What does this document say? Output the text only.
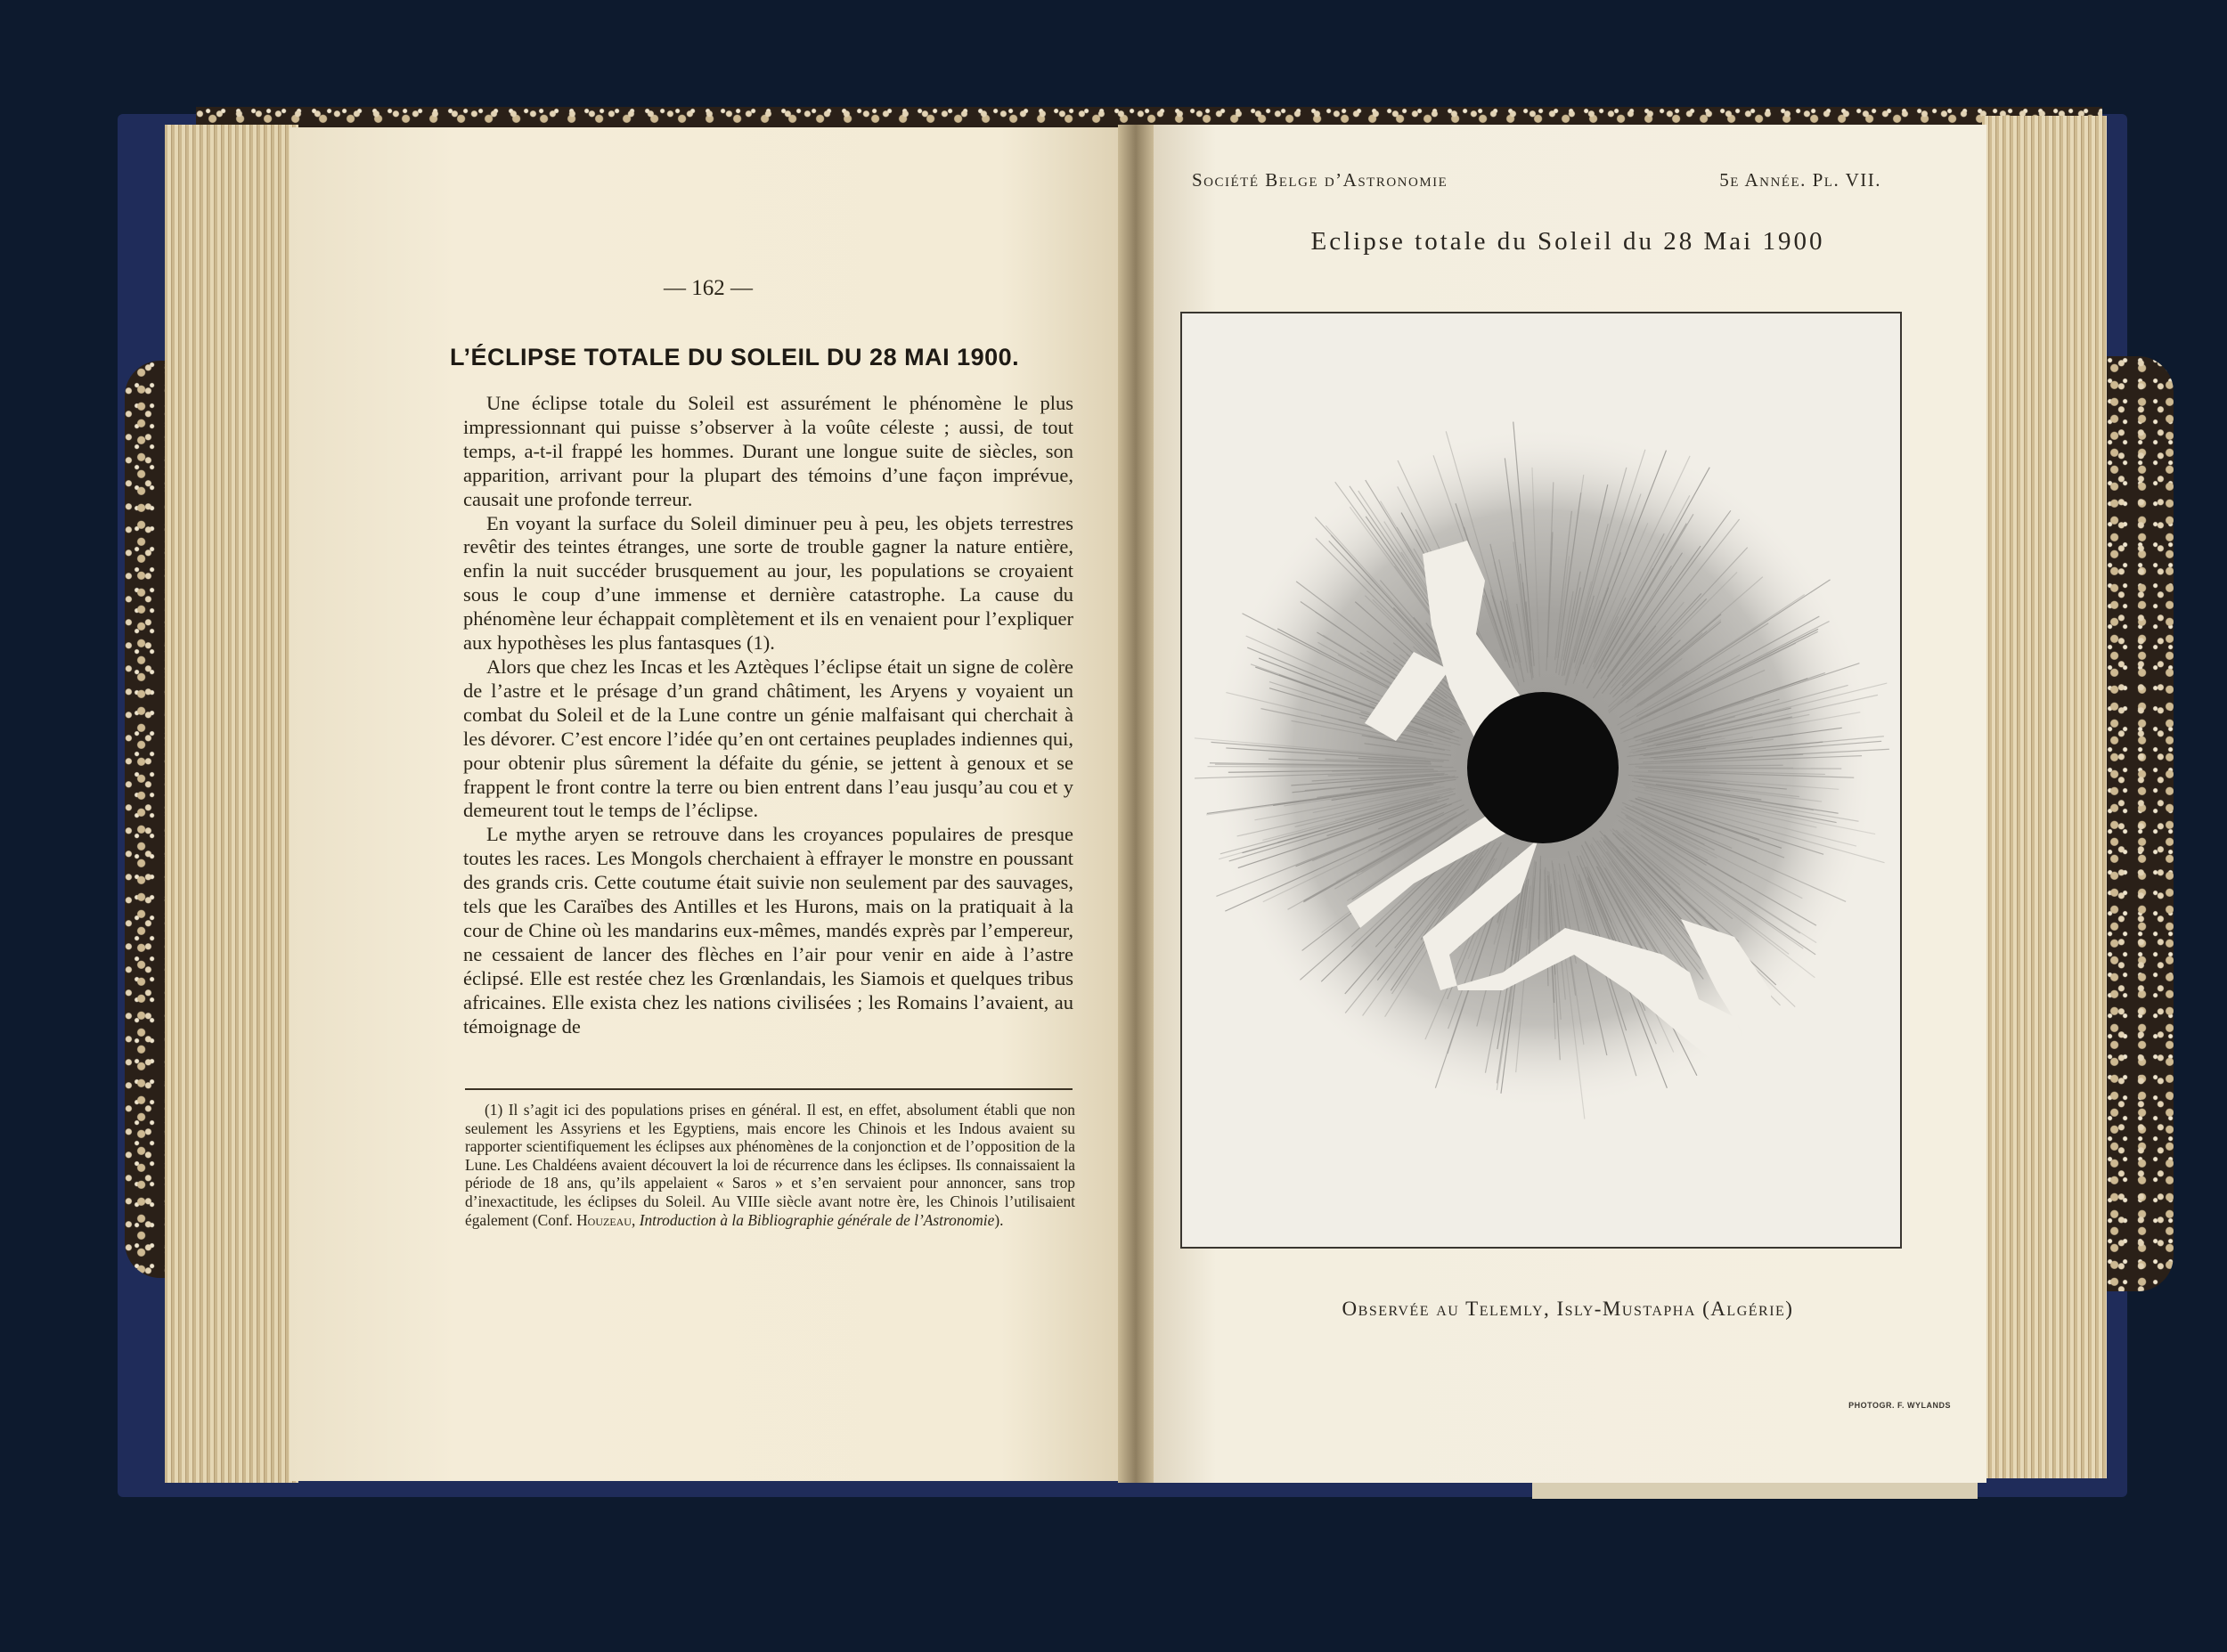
— 162 —
L’ÉCLIPSE TOTALE DU SOLEIL DU 28 MAI 1900.

Une éclipse totale du Soleil est assurément le phénomène le plus impressionnant qui puisse s’observer à la voûte céleste ; aussi, de tout temps, a-t-il frappé les hommes. Durant une longue suite de siècles, son apparition, arrivant pour la plupart des témoins d’une façon imprévue, causait une profonde terreur.

En voyant la surface du Soleil diminuer peu à peu, les objets terrestres revêtir des teintes étranges, une sorte de trouble gagner la nature entière, enfin la nuit succéder brusquement au jour, les populations se croyaient sous le coup d’une immense et dernière catastrophe. La cause du phénomène leur échappait complètement et ils en venaient pour l’expliquer aux hypothèses les plus fantasques (1).

Alors que chez les Incas et les Aztèques l’éclipse était un signe de colère de l’astre et le présage d’un grand châtiment, les Aryens y voyaient un combat du Soleil et de la Lune contre un génie malfaisant qui cherchait à les dévorer. C’est encore l’idée qu’en ont certaines peuplades indiennes qui, pour obtenir plus sûrement la défaite du génie, se jettent à genoux et se frappent le front contre la terre ou bien entrent dans l’eau jusqu’au cou et y demeurent tout le temps de l’éclipse.

Le mythe aryen se retrouve dans les croyances populaires de presque toutes les races. Les Mongols cherchaient à effrayer le monstre en poussant des grands cris. Cette coutume était suivie non seulement par des sauvages, tels que les Caraïbes des Antilles et les Hurons, mais on la pratiquait à la cour de Chine où les mandarins eux-mêmes, mandés exprès par l’empereur, ne cessaient de lancer des flèches en l’air pour venir en aide à l’astre éclipsé. Elle est restée chez les Grœnlandais, les Siamois et quelques tribus africaines. Elle exista chez les nations civilisées ; les Romains l’avaient, au témoignage de

(1) Il s’agit ici des populations prises en général. Il est, en effet, absolument établi que non seulement les Assyriens et les Egyptiens, mais encore les Chinois et les Indous avaient su rapporter scientifiquement les éclipses aux phénomènes de la conjonction et de l’opposition de la Lune. Les Chaldéens avaient découvert la loi de récurrence dans les éclipses. Ils connaissaient la période de 18 ans, qu’ils appelaient « Saros » et s’en servaient pour annoncer, sans trop d’inexactitude, les éclipses du Soleil. Au VIIIe siècle avant notre ère, les Chinois l’utilisaient également (Conf. Houzeau, Introduction à la Bibliographie générale de l’Astronomie).

Société Belge d’Astronomie	5e Année. Pl. VII.
Eclipse totale du Soleil du 28 Mai 1900
Observée au Telemly, Isly-Mustapha (Algérie)
PHOTOGR. F. WYLANDS
